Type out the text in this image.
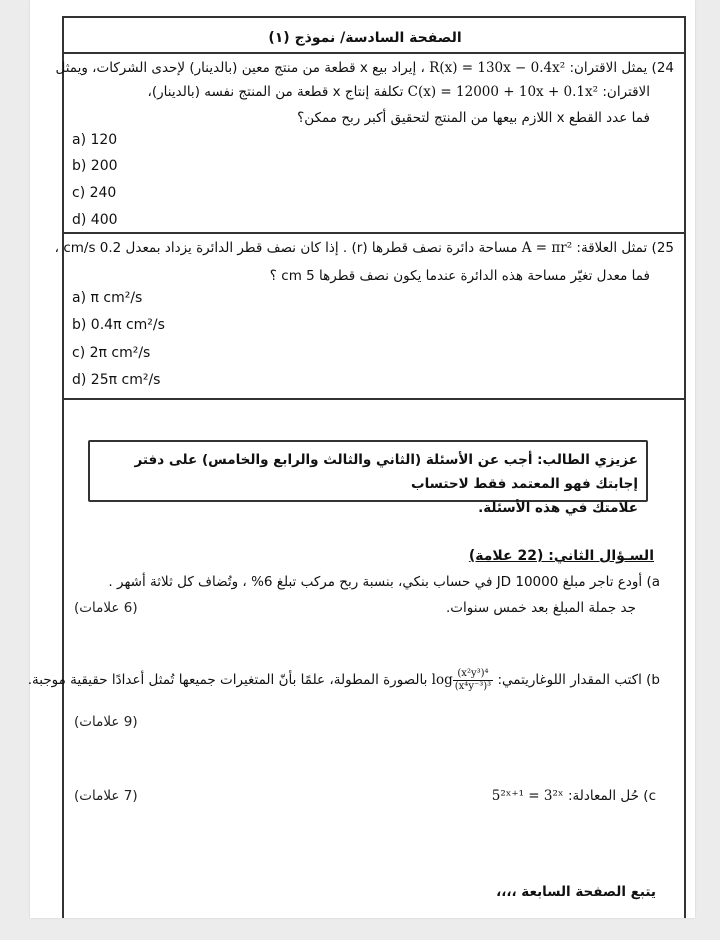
الصفحة السادسة/ نموذج (١)
24) يمثل الاقتران: R(x) = 130x − 0.4x² ، إيراد بيع x قطعة من منتج معين (بالدينار) لإحدى الشركات، ويمثل
الاقتران: C(x) = 12000 + 10x + 0.1x² تكلفة إنتاج x قطعة من المنتج نفسه (بالدينار)،
فما عدد القطع x اللازم بيعها من المنتج لتحقيق أكبر ربح ممكن؟
a) 120
b) 200
c) 240
d) 400
25) تمثل العلاقة: A = πr² مساحة دائرة نصف قطرها (r) . إذا كان نصف قطر الدائرة يزداد بمعدل 0.2 cm/s ،
فما معدل تغيّر مساحة هذه الدائرة عندما يكون نصف قطرها 5 cm ؟
a) π cm²/s
b) 0.4π cm²/s
c) 2π cm²/s
d) 25π cm²/s
عزيزي الطالب: أجب عن الأسئلة (الثاني والثالث والرابع والخامس) على دفتر إجابتك فهو المعتمد فقط لاحتساب
علامتك في هذه الأسئلة.
السـؤال الثاني: (22 علامة)
a) أودع تاجر مبلغ JD 10000 في حساب بنكي، بنسبة ربح مركب تبلغ 6% ، وتُضاف كل ثلاثة أشهر .
جد جملة المبلغ بعد خمس سنوات.
(6 علامات)
b) اكتب المقدار اللوغاريتمي: $\log \frac{\text{(x²y³)⁴}}{\text{(x⁴y⁻³)³}}$
بالصورة المطولة، علمًا بأنّ المتغيرات جميعها تُمثل أعدادًا حقيقية موجبة.
(9 علامات)
c) حُل المعادلة: 5²ˣ⁺¹ = 3²ˣ
(7 علامات)
يتبع الصفحة السابعة ،،،،
